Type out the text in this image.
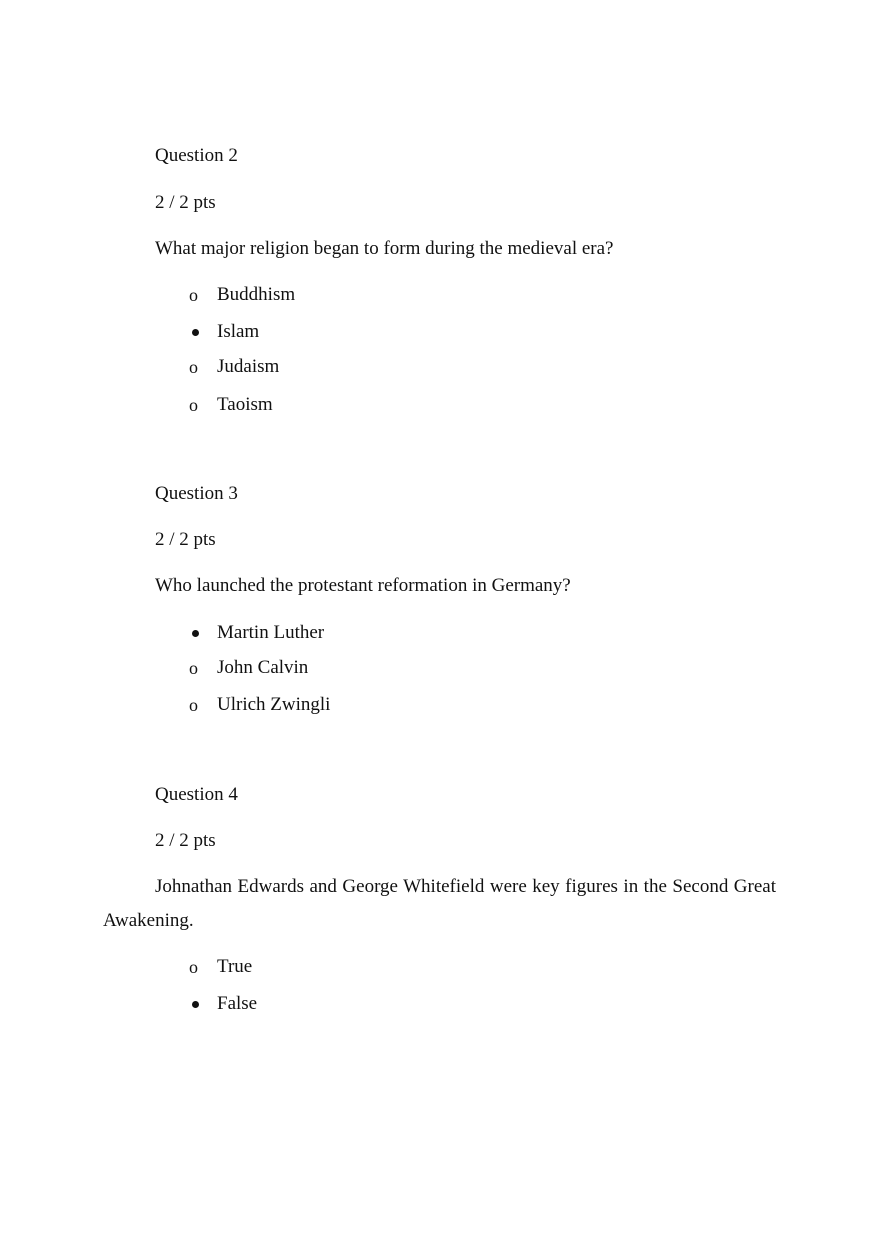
Question 2
2 / 2 pts
What major religion began to form during the medieval era?
o Buddhism
Islam
o Judaism
o Taoism
Question 3
2 / 2 pts
Who launched the protestant reformation in Germany?
Martin Luther
o John Calvin
o Ulrich Zwingli
Question 4
2 / 2 pts
Johnathan Edwards and George Whitefield were key figures in the Second Great Awakening.
o True
False
